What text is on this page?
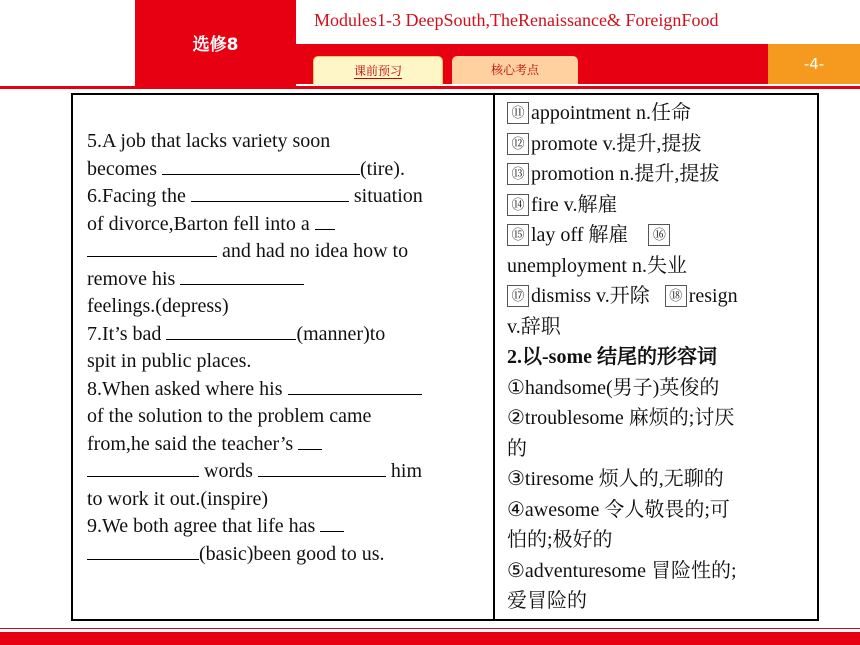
选修8
Modules1-3 DeepSouth,TheRenaissance& ForeignFood
课前预习	核心考点	-4-
5.A job that lacks variety soon
becomes	(tire).
6.Facing the	situation
of divorce,Barton fell into a
and had no idea how to
remove his
feelings.(depress)
7.It’s bad	(manner)to
spit in public places.
8.When asked where his
of the solution to the problem came
from,he said the teacher’s
words	him
to work it out.(inspire)
9.We both agree that life has
(basic)been good to us.
⑪ appointment n.任命
⑫ promote v.提升,提拔
⑬ promotion n.提升,提拔
⑭ fire v.解雇
⑮ lay off 解雇 ⑯
unemployment n.失业
⑰ dismiss v.开除 ⑱ resign
v.辞职
2.以-some 结尾的形容词
①handsome(男子)英俊的
②troublesome 麻烦的;讨厌
的
③tiresome 烦人的,无聊的
④awesome 令人敬畏的;可
怕的;极好的
⑤adventuresome 冒险性的;
爱冒险的
